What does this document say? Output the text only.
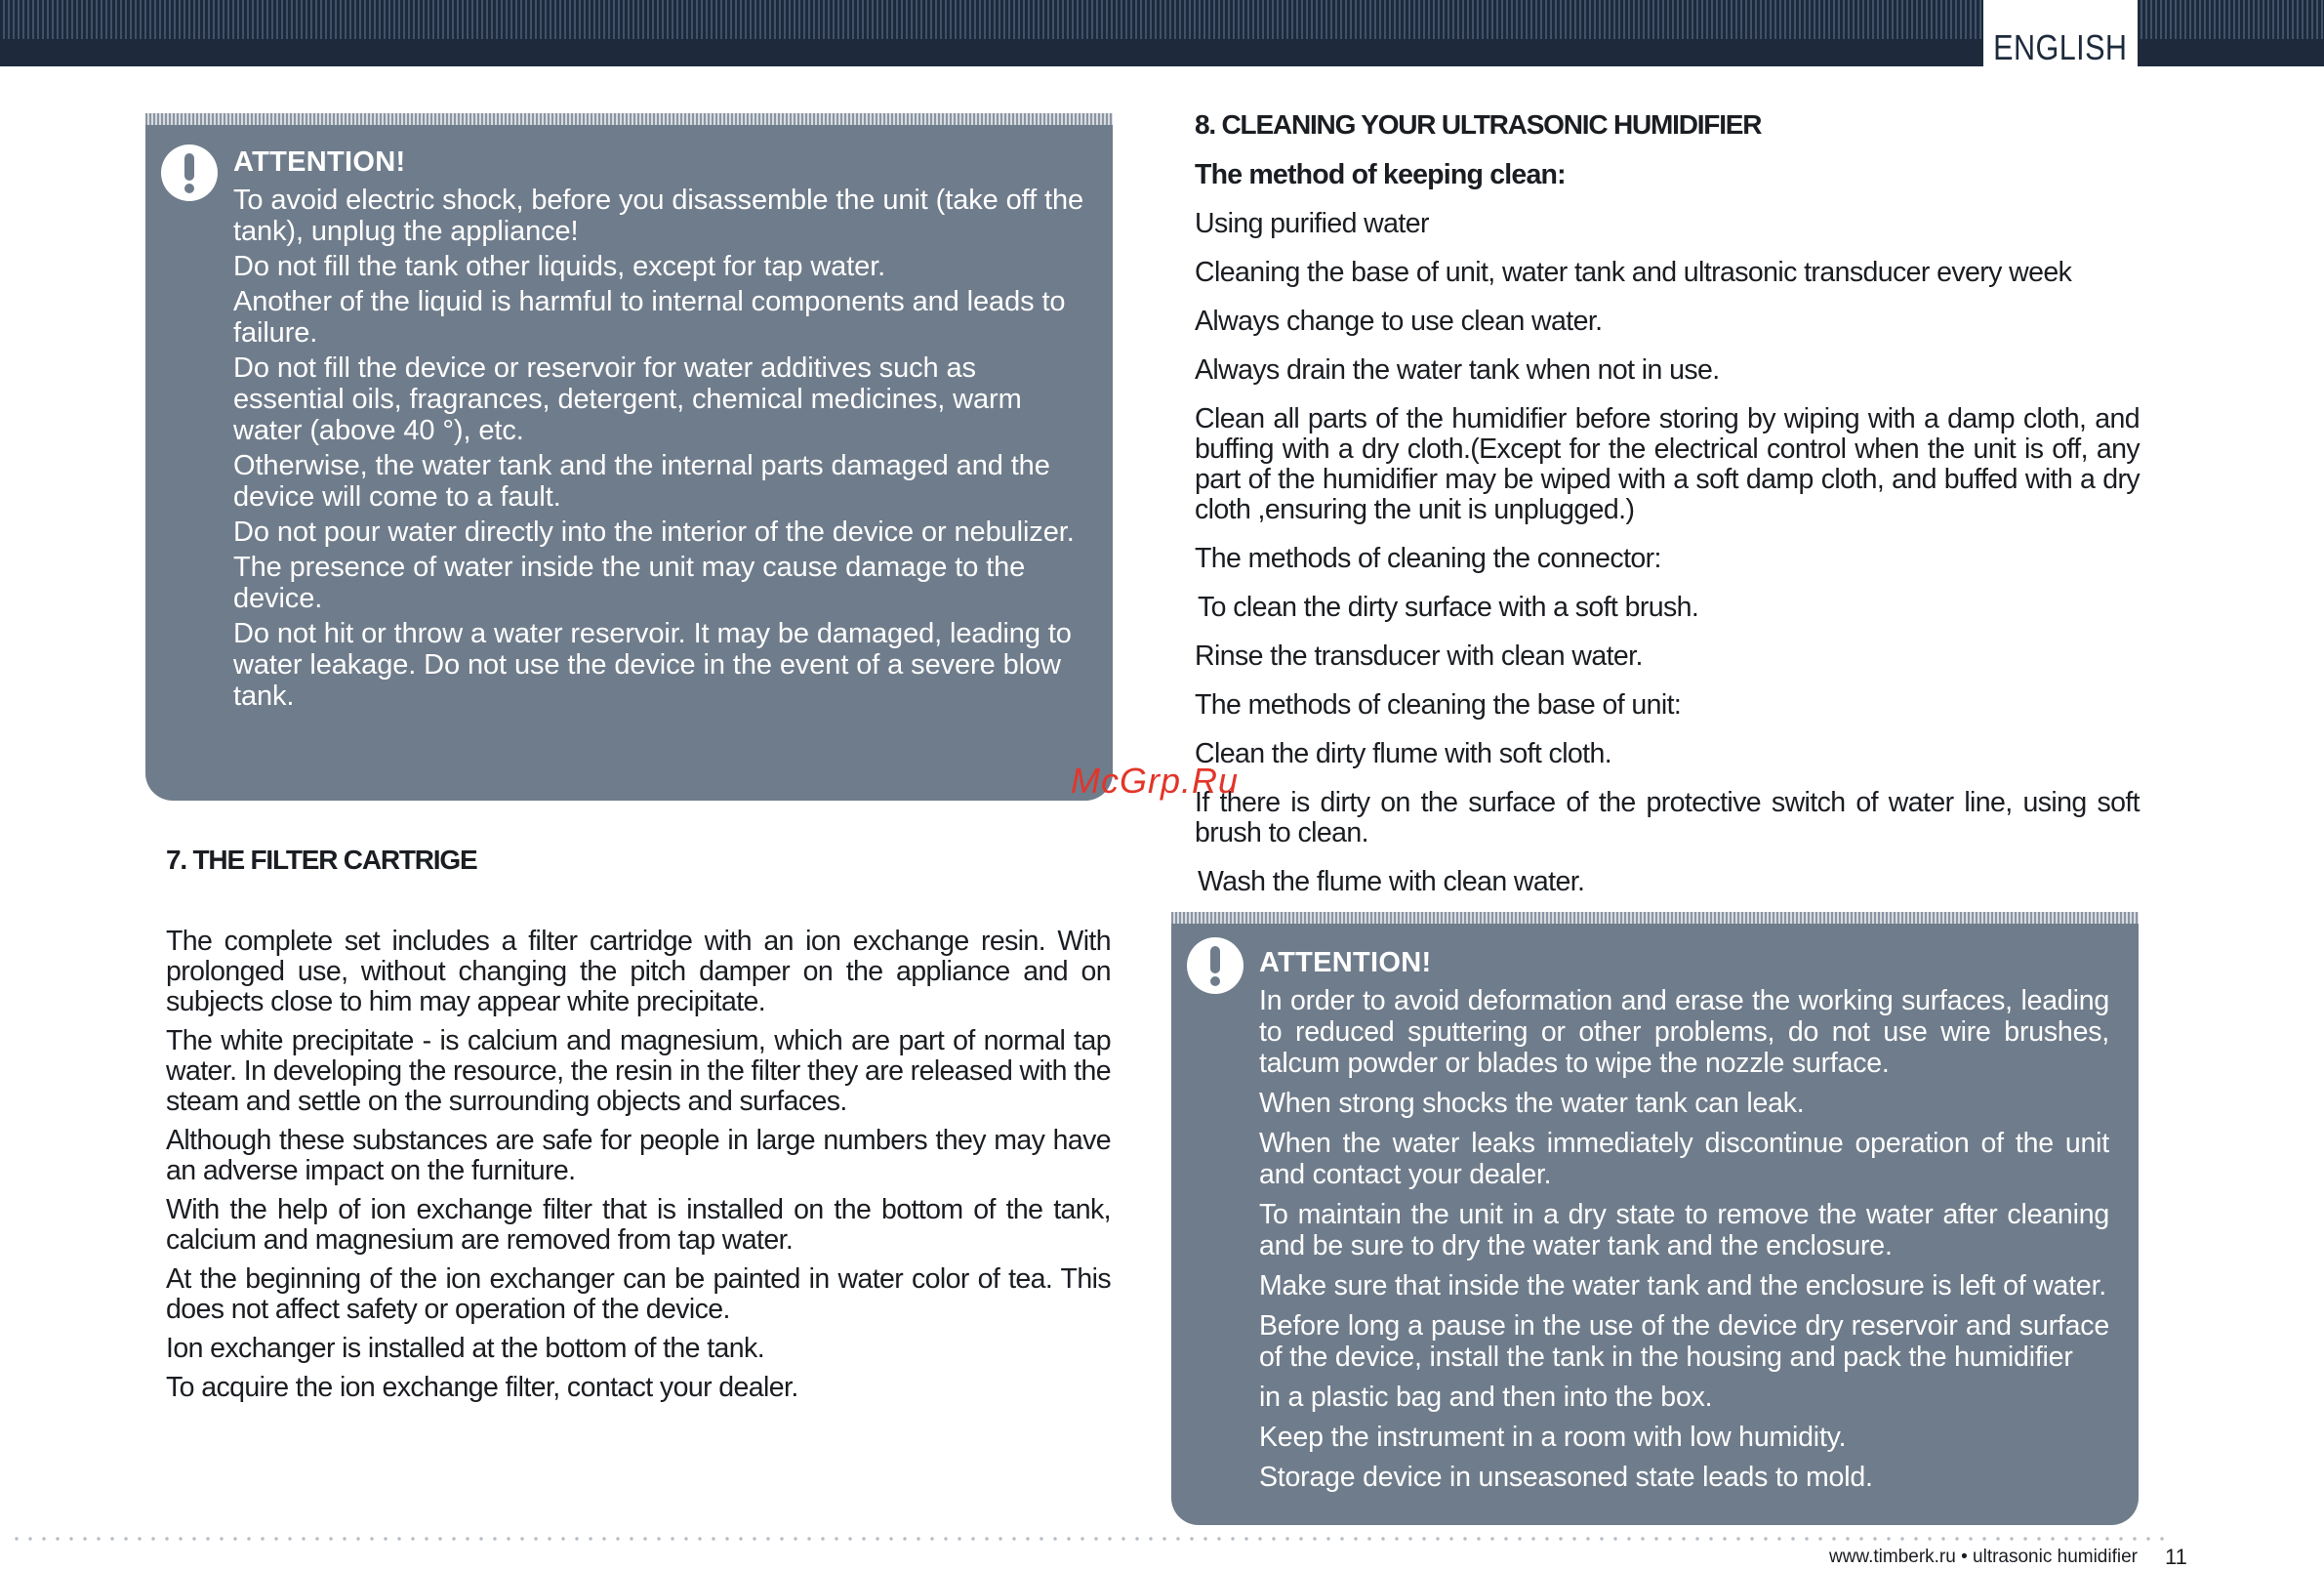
ENGLISH
ATTENTION!

To avoid electric shock, before you disassemble the unit (take off the tank), unplug the appliance!

Do not fill the tank other liquids, except for tap water.

Another of the liquid is harmful to internal components and leads to failure.

Do not fill the device or reservoir for water additives such as essential oils, fragrances, detergent, chemical medicines, warm water (above 40 °), etc.

Otherwise, the water tank and the internal parts damaged and the device will come to a fault.

Do not pour water directly into the interior of the device or nebulizer.

The presence of water inside the unit may cause damage to the device.

Do not hit or throw a water reservoir. It may be damaged, leading to water leakage. Do not use the device in the event of a severe blow tank.

7. THE FILTER CARTRIGE

The complete set includes a filter cartridge with an ion exchange resin. With prolonged use, without changing the pitch damper on the appliance and on subjects close to him may appear white precipitate.

The white precipitate - is calcium and magnesium, which are part of normal tap water. In developing the resource, the resin in the filter they are released with the steam and settle on the surrounding objects and surfaces.

Although these substances are safe for people in large numbers they may have an adverse impact on the furniture.

With the help of ion exchange filter that is installed on the bottom of the tank, calcium and magnesium are removed from tap water.

At the beginning of the ion exchanger can be painted in water color of tea. This does not affect safety or operation of the device.

Ion exchanger is installed at the bottom of the tank.

To acquire the ion exchange filter, contact your dealer.

8. CLEANING YOUR ULTRASONIC HUMIDIFIER

The method of keeping clean:

Using purified water

Cleaning the base of unit, water tank and ultrasonic transducer every week

Always change to use clean water.

Always drain the water tank when not in use.

Clean all parts of the humidifier before storing by wiping with a damp cloth, and buffing with a dry cloth.(Except for the electrical control when the unit is off, any part of the humidifier may be wiped with a soft damp cloth, and buffed with a dry cloth ,ensuring the unit is unplugged.)

The methods of cleaning the connector:

To clean the dirty surface with a soft brush.

Rinse the transducer with clean water.

The methods of cleaning the base of unit:

Clean the dirty flume with soft cloth.

If there is dirty on the surface of the protective switch of water line, using soft brush to clean.

Wash the flume with clean water.

ATTENTION!

In order to avoid deformation and erase the working surfaces, leading to reduced sputtering or other problems, do not use wire brushes, talcum powder or blades to wipe the nozzle surface.

When strong shocks the water tank can leak.

When the water leaks immediately discontinue operation of the unit and contact your dealer.

To maintain the unit in a dry state to remove the water after cleaning and be sure to dry the water tank and the enclosure.

Make sure that inside the water tank and the enclosure is left of water.

Before long a pause in the use of the device dry reservoir and surface of the device, install the tank in the housing and pack the humidifier

in a plastic bag and then into the box.

Keep the instrument in a room with low humidity.

Storage device in unseasoned state leads to mold.

McGrp.Ru
www.timberk.ru • ultrasonic humidifier 11
